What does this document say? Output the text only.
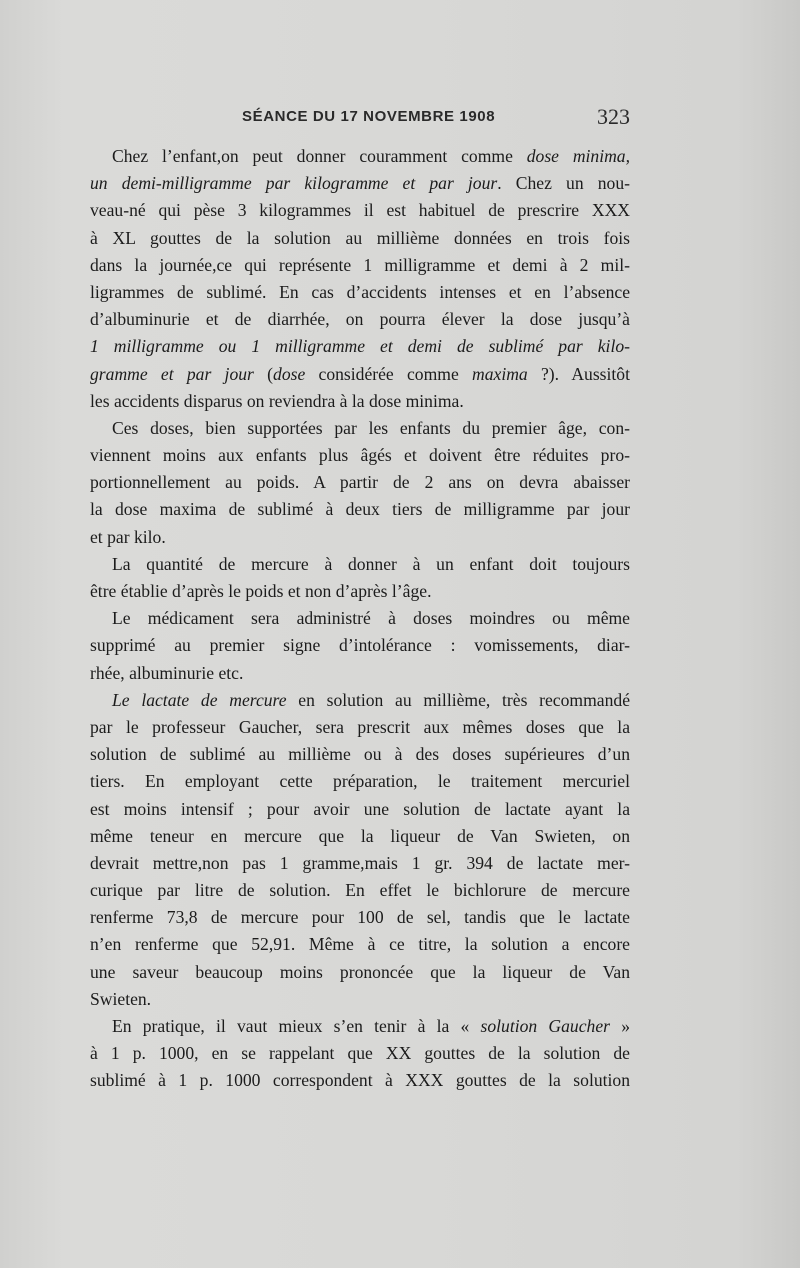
SÉANCE DU 17 NOVEMBRE 1908	323
Chez l’enfant,on peut donner couramment comme dose minima,
un demi-milligramme par kilogramme et par jour. Chez un nou-
veau-né qui pèse 3 kilogrammes il est habituel de prescrire XXX
à XL gouttes de la solution au millième données en trois fois
dans la journée,ce qui représente 1 milligramme et demi à 2 mil-
ligrammes de sublimé. En cas d’accidents intenses et en l’absence
d’albuminurie et de diarrhée, on pourra élever la dose jusqu’à
1 milligramme ou 1 milligramme et demi de sublimé par kilo-
gramme et par jour (dose considérée comme maxima ?). Aussitôt
les accidents disparus on reviendra à la dose minima.
Ces doses, bien supportées par les enfants du premier âge, con-
viennent moins aux enfants plus âgés et doivent être réduites pro-
portionnellement au poids. A partir de 2 ans on devra abaisser
la dose maxima de sublimé à deux tiers de milligramme par jour
et par kilo.
La quantité de mercure à donner à un enfant doit toujours
être établie d’après le poids et non d’après l’âge.
Le médicament sera administré à doses moindres ou même
supprimé au premier signe d’intolérance : vomissements, diar-
rhée, albuminurie etc.
Le lactate de mercure en solution au millième, très recommandé
par le professeur Gaucher, sera prescrit aux mêmes doses que la
solution de sublimé au millième ou à des doses supérieures d’un
tiers. En employant cette préparation, le traitement mercuriel
est moins intensif ; pour avoir une solution de lactate ayant la
même teneur en mercure que la liqueur de Van Swieten, on
devrait mettre,non pas 1 gramme,mais 1 gr. 394 de lactate mer-
curique par litre de solution. En effet le bichlorure de mercure
renferme 73,8 de mercure pour 100 de sel, tandis que le lactate
n’en renferme que 52,91. Même à ce titre, la solution a encore
une saveur beaucoup moins prononcée que la liqueur de Van
Swieten.
En pratique, il vaut mieux s’en tenir à la « solution Gaucher »
à 1 p. 1000, en se rappelant que XX gouttes de la solution de
sublimé à 1 p. 1000 correspondent à XXX gouttes de la solution
